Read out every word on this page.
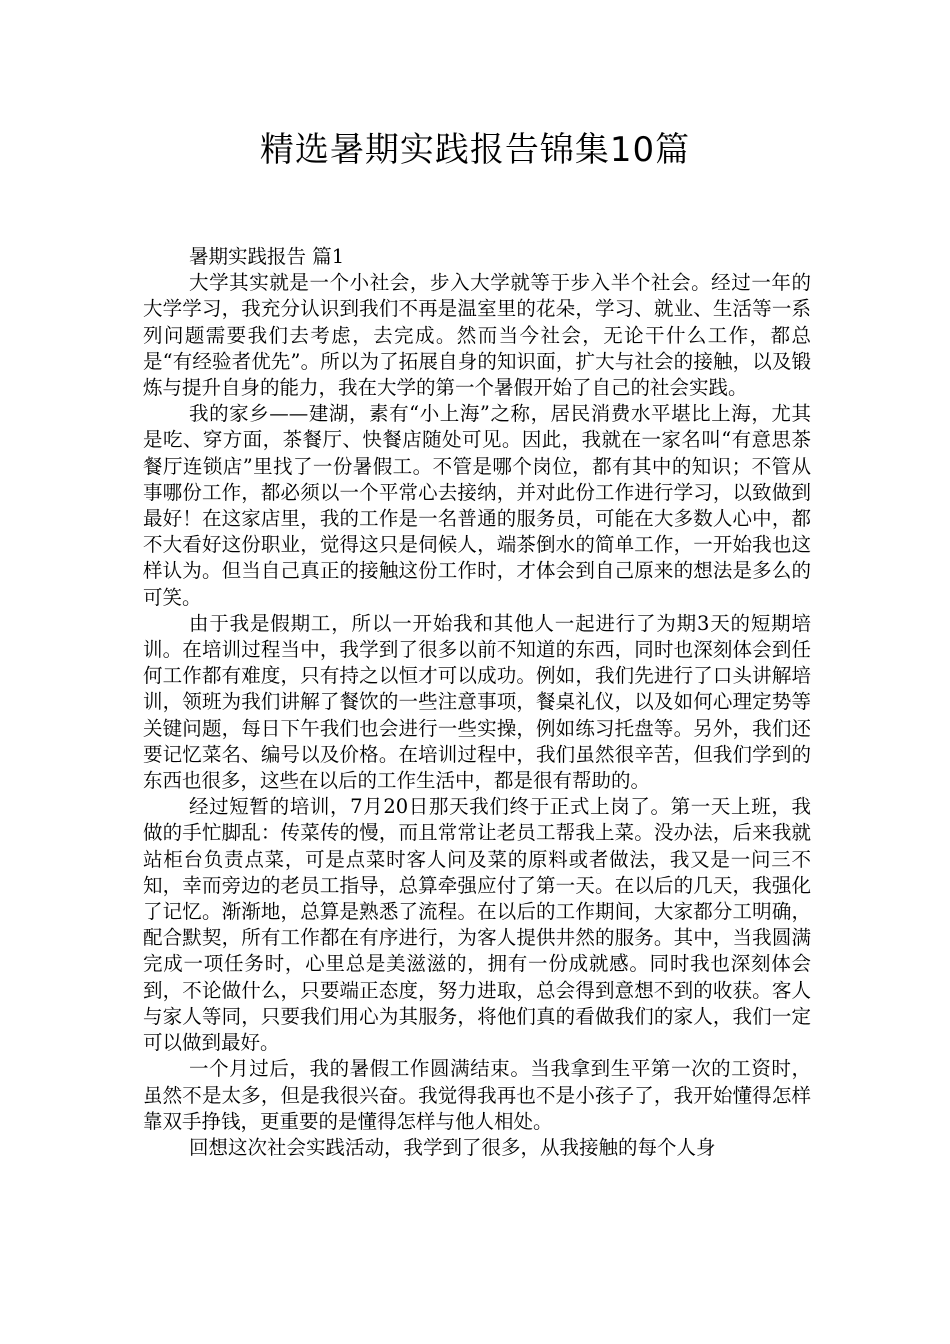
精选暑期实践报告锦集10篇

暑期实践报告 篇1

大学其实就是一个小社会，步入大学就等于步入半个社会。经过一年的大学学习，我充分认识到我们不再是温室里的花朵，学习、就业、生活等一系列问题需要我们去考虑，去完成。然而当今社会，无论干什么工作，都总是“有经验者优先”。所以为了拓展自身的知识面，扩大与社会的接触，以及锻炼与提升自身的能力，我在大学的第一个暑假开始了自己的社会实践。

我的家乡——建湖，素有“小上海”之称，居民消费水平堪比上海，尤其是吃、穿方面，茶餐厅、快餐店随处可见。因此，我就在一家名叫“有意思茶餐厅连锁店”里找了一份暑假工。不管是哪个岗位，都有其中的知识；不管从事哪份工作，都必须以一个平常心去接纳，并对此份工作进行学习，以致做到最好！在这家店里，我的工作是一名普通的服务员，可能在大多数人心中，都不大看好这份职业，觉得这只是伺候人，端茶倒水的简单工作，一开始我也这样认为。但当自己真正的接触这份工作时，才体会到自己原来的想法是多么的可笑。

由于我是假期工，所以一开始我和其他人一起进行了为期3天的短期培训。在培训过程当中，我学到了很多以前不知道的东西，同时也深刻体会到任何工作都有难度，只有持之以恒才可以成功。例如，我们先进行了口头讲解培训，领班为我们讲解了餐饮的一些注意事项，餐桌礼仪，以及如何心理定势等关键问题，每日下午我们也会进行一些实操，例如练习托盘等。另外，我们还要记忆菜名、编号以及价格。在培训过程中，我们虽然很辛苦，但我们学到的东西也很多，这些在以后的工作生活中，都是很有帮助的。

经过短暂的培训，7月20日那天我们终于正式上岗了。第一天上班，我做的手忙脚乱：传菜传的慢，而且常常让老员工帮我上菜。没办法，后来我就站柜台负责点菜，可是点菜时客人问及菜的原料或者做法，我又是一问三不知，幸而旁边的老员工指导，总算牵强应付了第一天。在以后的几天，我强化了记忆。渐渐地，总算是熟悉了流程。在以后的工作期间，大家都分工明确，配合默契，所有工作都在有序进行，为客人提供井然的服务。其中，当我圆满完成一项任务时，心里总是美滋滋的，拥有一份成就感。同时我也深刻体会到，不论做什么，只要端正态度，努力进取，总会得到意想不到的收获。客人与家人等同，只要我们用心为其服务，将他们真的看做我们的家人，我们一定可以做到最好。

一个月过后，我的暑假工作圆满结束。当我拿到生平第一次的工资时，虽然不是太多，但是我很兴奋。我觉得我再也不是小孩子了，我开始懂得怎样靠双手挣钱，更重要的是懂得怎样与他人相处。

回想这次社会实践活动，我学到了很多，从我接触的每个人身
